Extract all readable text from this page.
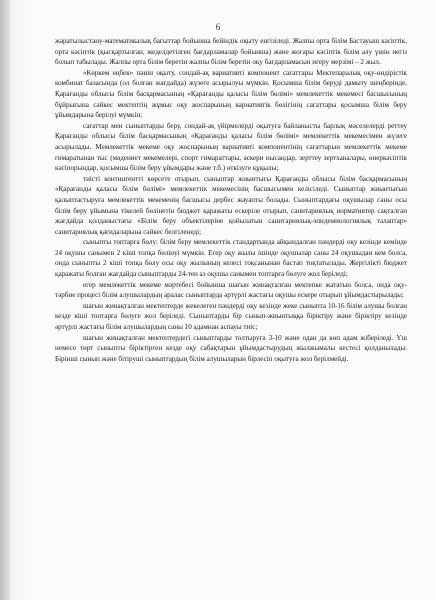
6

жаратылыстану-математикалық бағыттар бойынша бейіндік оқыту енгізіледі. Жалпы орта білім Бастауыш кәсіптік, орта кәсіптік (қысқартылған, жеделдетілген бағдарламалар бойынша) және жоғары кәсіптік білім алу үшін негіз болып табылады. Жалпы орта білім беретін жалпы білім беретін оқу бағдарламасын игеру мерзімі – 2 жыл.

«Көркем еңбек» пәнін оқыту, сондай-ақ вариативті компонент сағаттары Мектепаралық оқу-өндірістік комбинат базасында (ол болған жағдайда) жүзеге асырылуы мүмкін. Қосымша білім беруді дамыту шеңберінде, Қарағанды облысы білім басқармасының «Қарағанды қаласы білім бөлімі» мемлекеттік мекемесі басшысының бұйрығына сәйкес мектептің жұмыс оқу жоспарының вариативтік бөлігінің сағаттары қосымша білім беру ұйымдарына берілуі мүмкін;

сағаттар мен сыныптарды беру, сондай-ақ үйірмелерді оқытуға байланысты барлық мәселелерді реттеу Қарағанды облысы білім басқармасының «Қарағанды қаласы білім бөлімі» мемлекеттік мекемесімен жүзеге асырылады. Мемлекеттік мекеме оқу жоспарының вариативті компонентінің сағаттарын мемлекеттік мекеме гимаратынан тыс (мәдениет мекемелері, спорт гимараттары, әскери нысандар, зерттеу зертханалары, өнеркәсіптік кәсіпорындар, қосымша білім беру ұйымдары және т.б.) өткізуге құқылы;

тиісті контингентті көрсете отырып, сыныптар жиынтығы Қарағанды облысы білім басқармасының «Қарағанды қаласы білім бөлімі» мемлекеттік мекемесінің басшысымен келісіледі. Сыныптар жиынтығын қалыптастыруға мемлекеттік мекеменің басшысы дербес жауапты болады. Сыныптардағы оқушылар саны осы білім беру ұйымына тікелей бөлінетін бюджет қаражаты ескеріле отырып, санитариялық нормативтер сақталған жағдайда қолданыстағы «Білім беру объектілеріне қойылатын санитариялық-эпидемиологиялық талаптар» санитариялық қағидаларына сәйкес белгіленеді;

сыныпты топтарға бөлу: білім беру мемлекеттік стандартында айқындалған пәндерді оқу кезінде кемінде 24 оқушы санымен 2 кіші топқа бөлінуі мүмкін. Егер оқу жылы ішінде оқушылар саны 24 оқушыдан кем болса, онда сыныпты 2 кіші топқа бөлу осы оқу жылының келесі тоқсанынан бастап тоқтатылады. Жергілікті бюджет қаражаты болған жағдайда сыныптарды 24-тен аз оқушы санымен топтарға бөлуге жол беріледі;

егер мемлекеттік мекеме мәртебесі бойынша шағын жинақталған мектепке жататын болса, онда оқу-тәрбие процесі білім алушылардың аралас сыныптарда әртүрлі жастағы оқушы ескере отырып ұйымдастырылады;

шағын жинақталған мектептерде жекелеген пәндерді оқу кезінде жеке сыныпта 10-16 білім алушы болған кезде кіші топтарға бөлуге жол беріледі. Сыныптарды бір сынып-жиынтыққа біріктіру және біріктіру кезінде әртүрлі жастағы білім алушылардың саны 10 адамнан аспауы тиіс;

шағын жинақталған мектептердегі сыныптарды толтыруға 3-10 және одан да көп адам жіберіледі. Үш немесе төрт сыныпты біріктірген кезде оқу сабақтарын ұйымдастырудың жылжымалы кестесі қолданылады. Бірінші сынып және бітіруші сыныптардың білім алушыларын бірлесіп оқытуға жол берілмейді.
